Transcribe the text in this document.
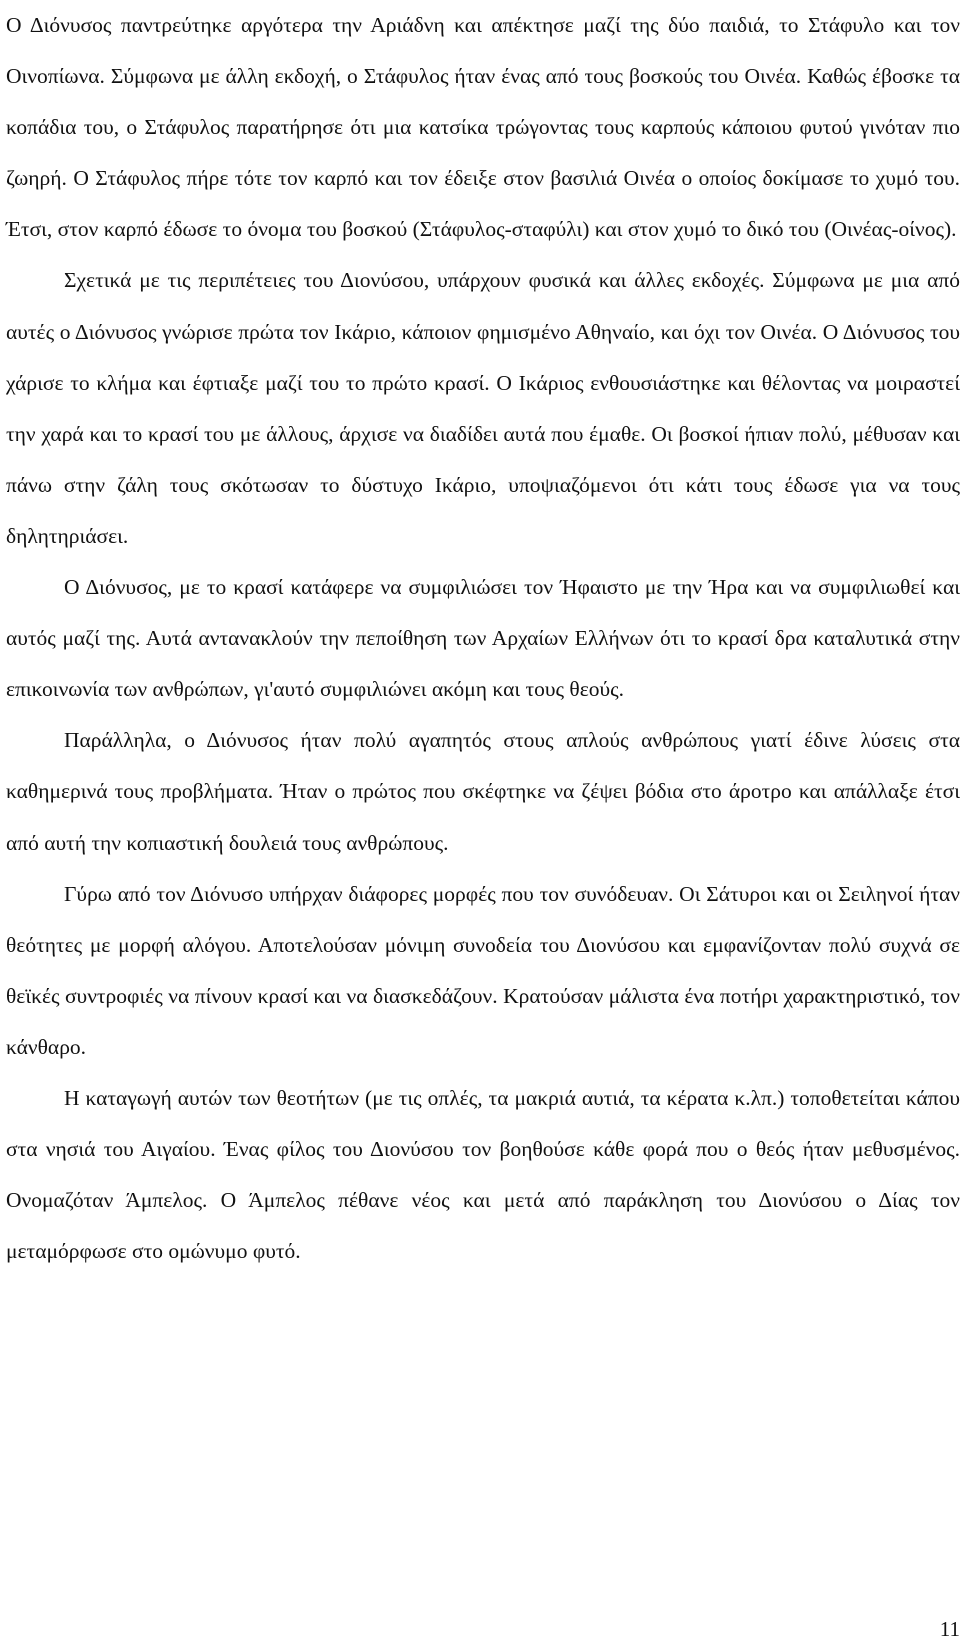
Ο Διόνυσος παντρεύτηκε αργότερα την Αριάδνη και απέκτησε μαζί της δύο παιδιά, το Στάφυλο και τον Οινοπίωνα. Σύμφωνα με άλλη εκδοχή, ο Στάφυλος ήταν ένας από τους βοσκούς του Οινέα. Καθώς έβοσκε τα κοπάδια του, ο Στάφυλος παρατήρησε ότι μια κατσίκα τρώγοντας τους καρπούς κάποιου φυτού γινόταν πιο ζωηρή. Ο Στάφυλος πήρε τότε τον καρπό και τον έδειξε στον βασιλιά Οινέα ο οποίος δοκίμασε το χυμό του. Έτσι, στον καρπό έδωσε το όνομα του βοσκού (Στάφυλος-σταφύλι) και στον χυμό το δικό του (Οινέας-οίνος).

Σχετικά με τις περιπέτειες του Διονύσου, υπάρχουν φυσικά και άλλες εκδοχές. Σύμφωνα με μια από αυτές ο Διόνυσος γνώρισε πρώτα τον Ικάριο, κάποιον φημισμένο Αθηναίο, και όχι τον Οινέα. Ο Διόνυσος του χάρισε το κλήμα και έφτιαξε μαζί του το πρώτο κρασί. Ο Ικάριος ενθουσιάστηκε και θέλοντας να μοιραστεί την χαρά και το κρασί του με άλλους, άρχισε να διαδίδει αυτά που έμαθε. Οι βοσκοί ήπιαν πολύ, μέθυσαν και πάνω στην ζάλη τους σκότωσαν το δύστυχο Ικάριο, υποψιαζόμενοι ότι κάτι τους έδωσε για να τους δηλητηριάσει.

Ο Διόνυσος, με το κρασί κατάφερε να συμφιλιώσει τον Ήφαιστο με την Ήρα και να συμφιλιωθεί και αυτός μαζί της. Αυτά αντανακλούν την πεποίθηση των Αρχαίων Ελλήνων ότι το κρασί δρα καταλυτικά στην επικοινωνία των ανθρώπων, γι'αυτό συμφιλιώνει ακόμη και τους θεούς.

Παράλληλα, ο Διόνυσος ήταν πολύ αγαπητός στους απλούς ανθρώπους γιατί έδινε λύσεις στα καθημερινά τους προβλήματα. Ήταν ο πρώτος που σκέφτηκε να ζέψει βόδια στο άροτρο και απάλλαξε έτσι από αυτή την κοπιαστική δουλειά τους ανθρώπους.

Γύρω από τον Διόνυσο υπήρχαν διάφορες μορφές που τον συνόδευαν. Οι Σάτυροι και οι Σειληνοί ήταν θεότητες με μορφή αλόγου. Αποτελούσαν μόνιμη συνοδεία του Διονύσου και εμφανίζονταν πολύ συχνά σε θεϊκές συντροφιές να πίνουν κρασί και να διασκεδάζουν. Κρατούσαν μάλιστα ένα ποτήρι χαρακτηριστικό, τον κάνθαρο.

Η καταγωγή αυτών των θεοτήτων (με τις οπλές, τα μακριά αυτιά, τα κέρατα κ.λπ.) τοποθετείται κάπου στα νησιά του Αιγαίου. Ένας φίλος του Διονύσου τον βοηθούσε κάθε φορά που ο θεός ήταν μεθυσμένος. Ονομαζόταν Άμπελος. Ο Άμπελος πέθανε νέος και μετά από παράκληση του Διονύσου ο Δίας τον μεταμόρφωσε στο ομώνυμο φυτό.

11
